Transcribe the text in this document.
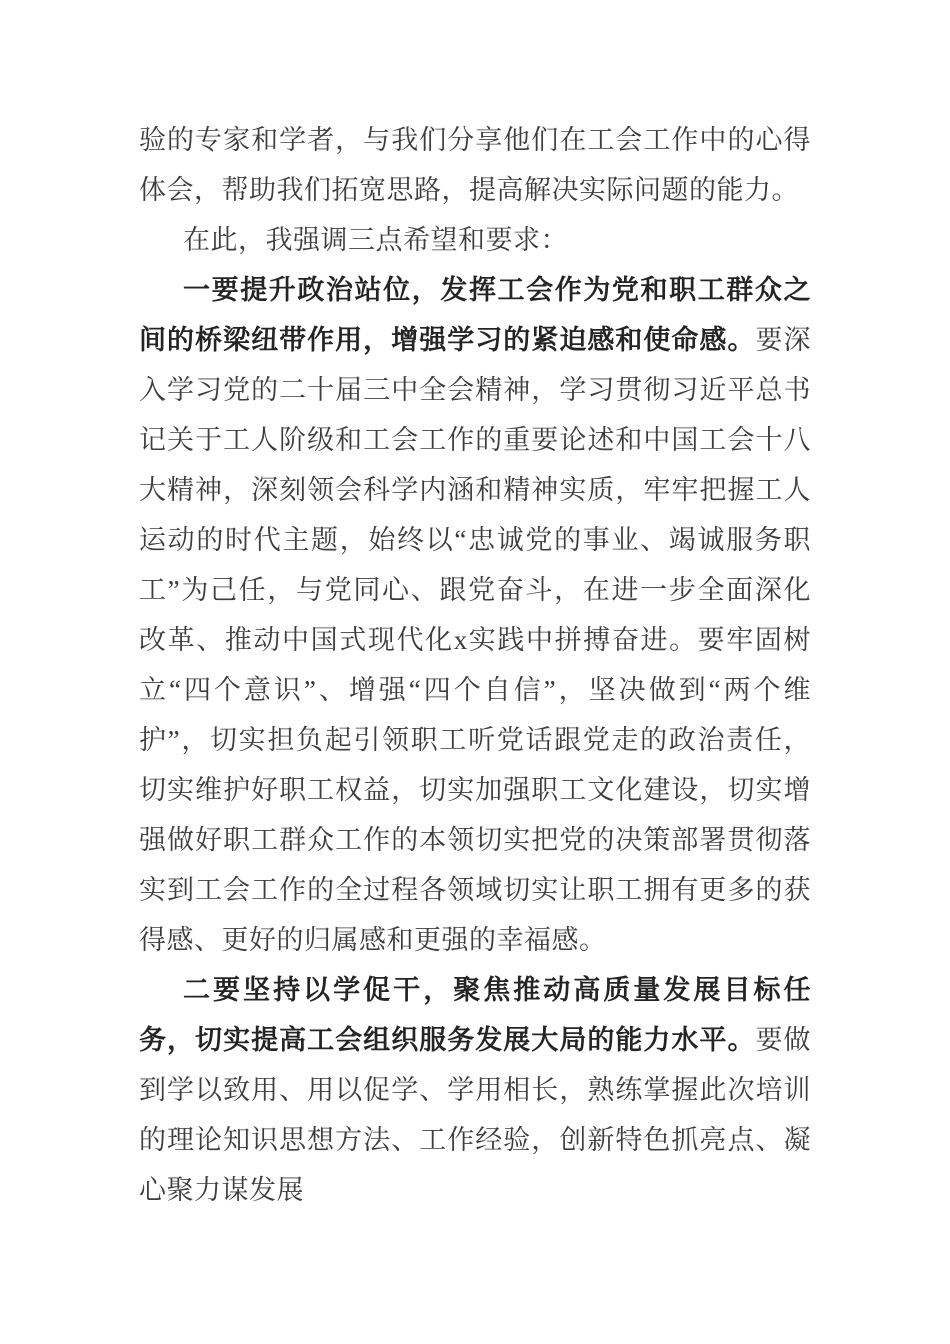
验的专家和学者，与我们分享他们在工会工作中的心得体会，帮助我们拓宽思路，提高解决实际问题的能力。

在此，我强调三点希望和要求：

一要提升政治站位，发挥工会作为党和职工群众之间的桥梁纽带作用，增强学习的紧迫感和使命感。要深入学习党的二十届三中全会精神，学习贯彻习近平总书记关于工人阶级和工会工作的重要论述和中国工会十八大精神，深刻领会科学内涵和精神实质，牢牢把握工人运动的时代主题，始终以“忠诚党的事业、竭诚服务职工”为己任，与党同心、跟党奋斗，在进一步全面深化改革、推动中国式现代化x实践中拼搏奋进。要牢固树立“四个意识”、增强“四个自信”，坚决做到“两个维护”，切实担负起引领职工听党话跟党走的政治责任，切实维护好职工权益，切实加强职工文化建设，切实增强做好职工群众工作的本领切实把党的决策部署贯彻落实到工会工作的全过程各领域切实让职工拥有更多的获得感、更好的归属感和更强的幸福感。

二要坚持以学促干，聚焦推动高质量发展目标任务，切实提高工会组织服务发展大局的能力水平。要做到学以致用、用以促学、学用相长，熟练掌握此次培训的理论知识思想方法、工作经验，创新特色抓亮点、凝心聚力谋发展
